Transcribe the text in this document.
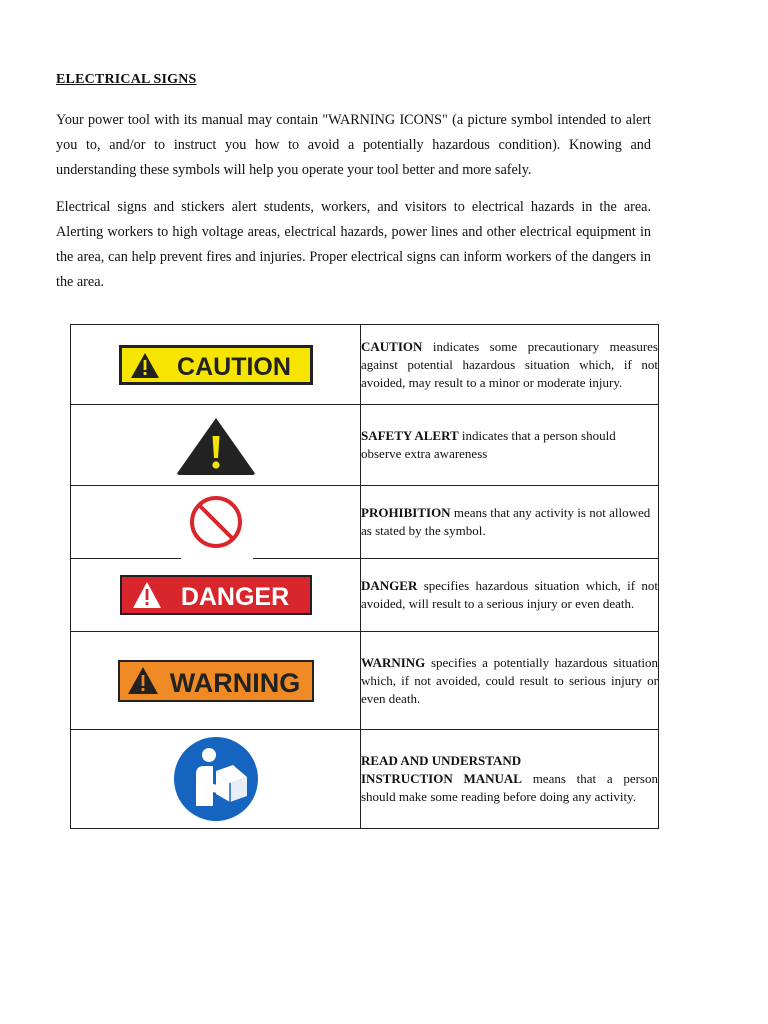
ELECTRICAL SIGNS

Your power tool with its manual may contain "WARNING ICONS" (a picture symbol intended to alert you to, and/or to instruct you how to avoid a potentially hazardous condition). Knowing and understanding these symbols will help you operate your tool better and more safely.

Electrical signs and stickers alert students, workers, and visitors to electrical hazards in the area. Alerting workers to high voltage areas, electrical hazards, power lines and other electrical equipment in the area, can help prevent fires and injuries. Proper electrical signs can inform workers of the dangers in the area.

CAUTION	CAUTION indicates some precautionary measures against potential hazardous situation which, if not avoided, may result to a minor or moderate injury.

	SAFETY ALERT indicates that a person should observe extra awareness

	PROHIBITION means that any activity is not allowed as stated by the symbol.

DANGER	DANGER specifies hazardous situation which, if not avoided, will result to a serious injury or even death.

WARNING	WARNING specifies a potentially hazardous situation which, if not avoided, could result to serious injury or even death.

	READ AND UNDERSTAND
INSTRUCTION MANUAL means that a person should make some reading before doing any activity.
